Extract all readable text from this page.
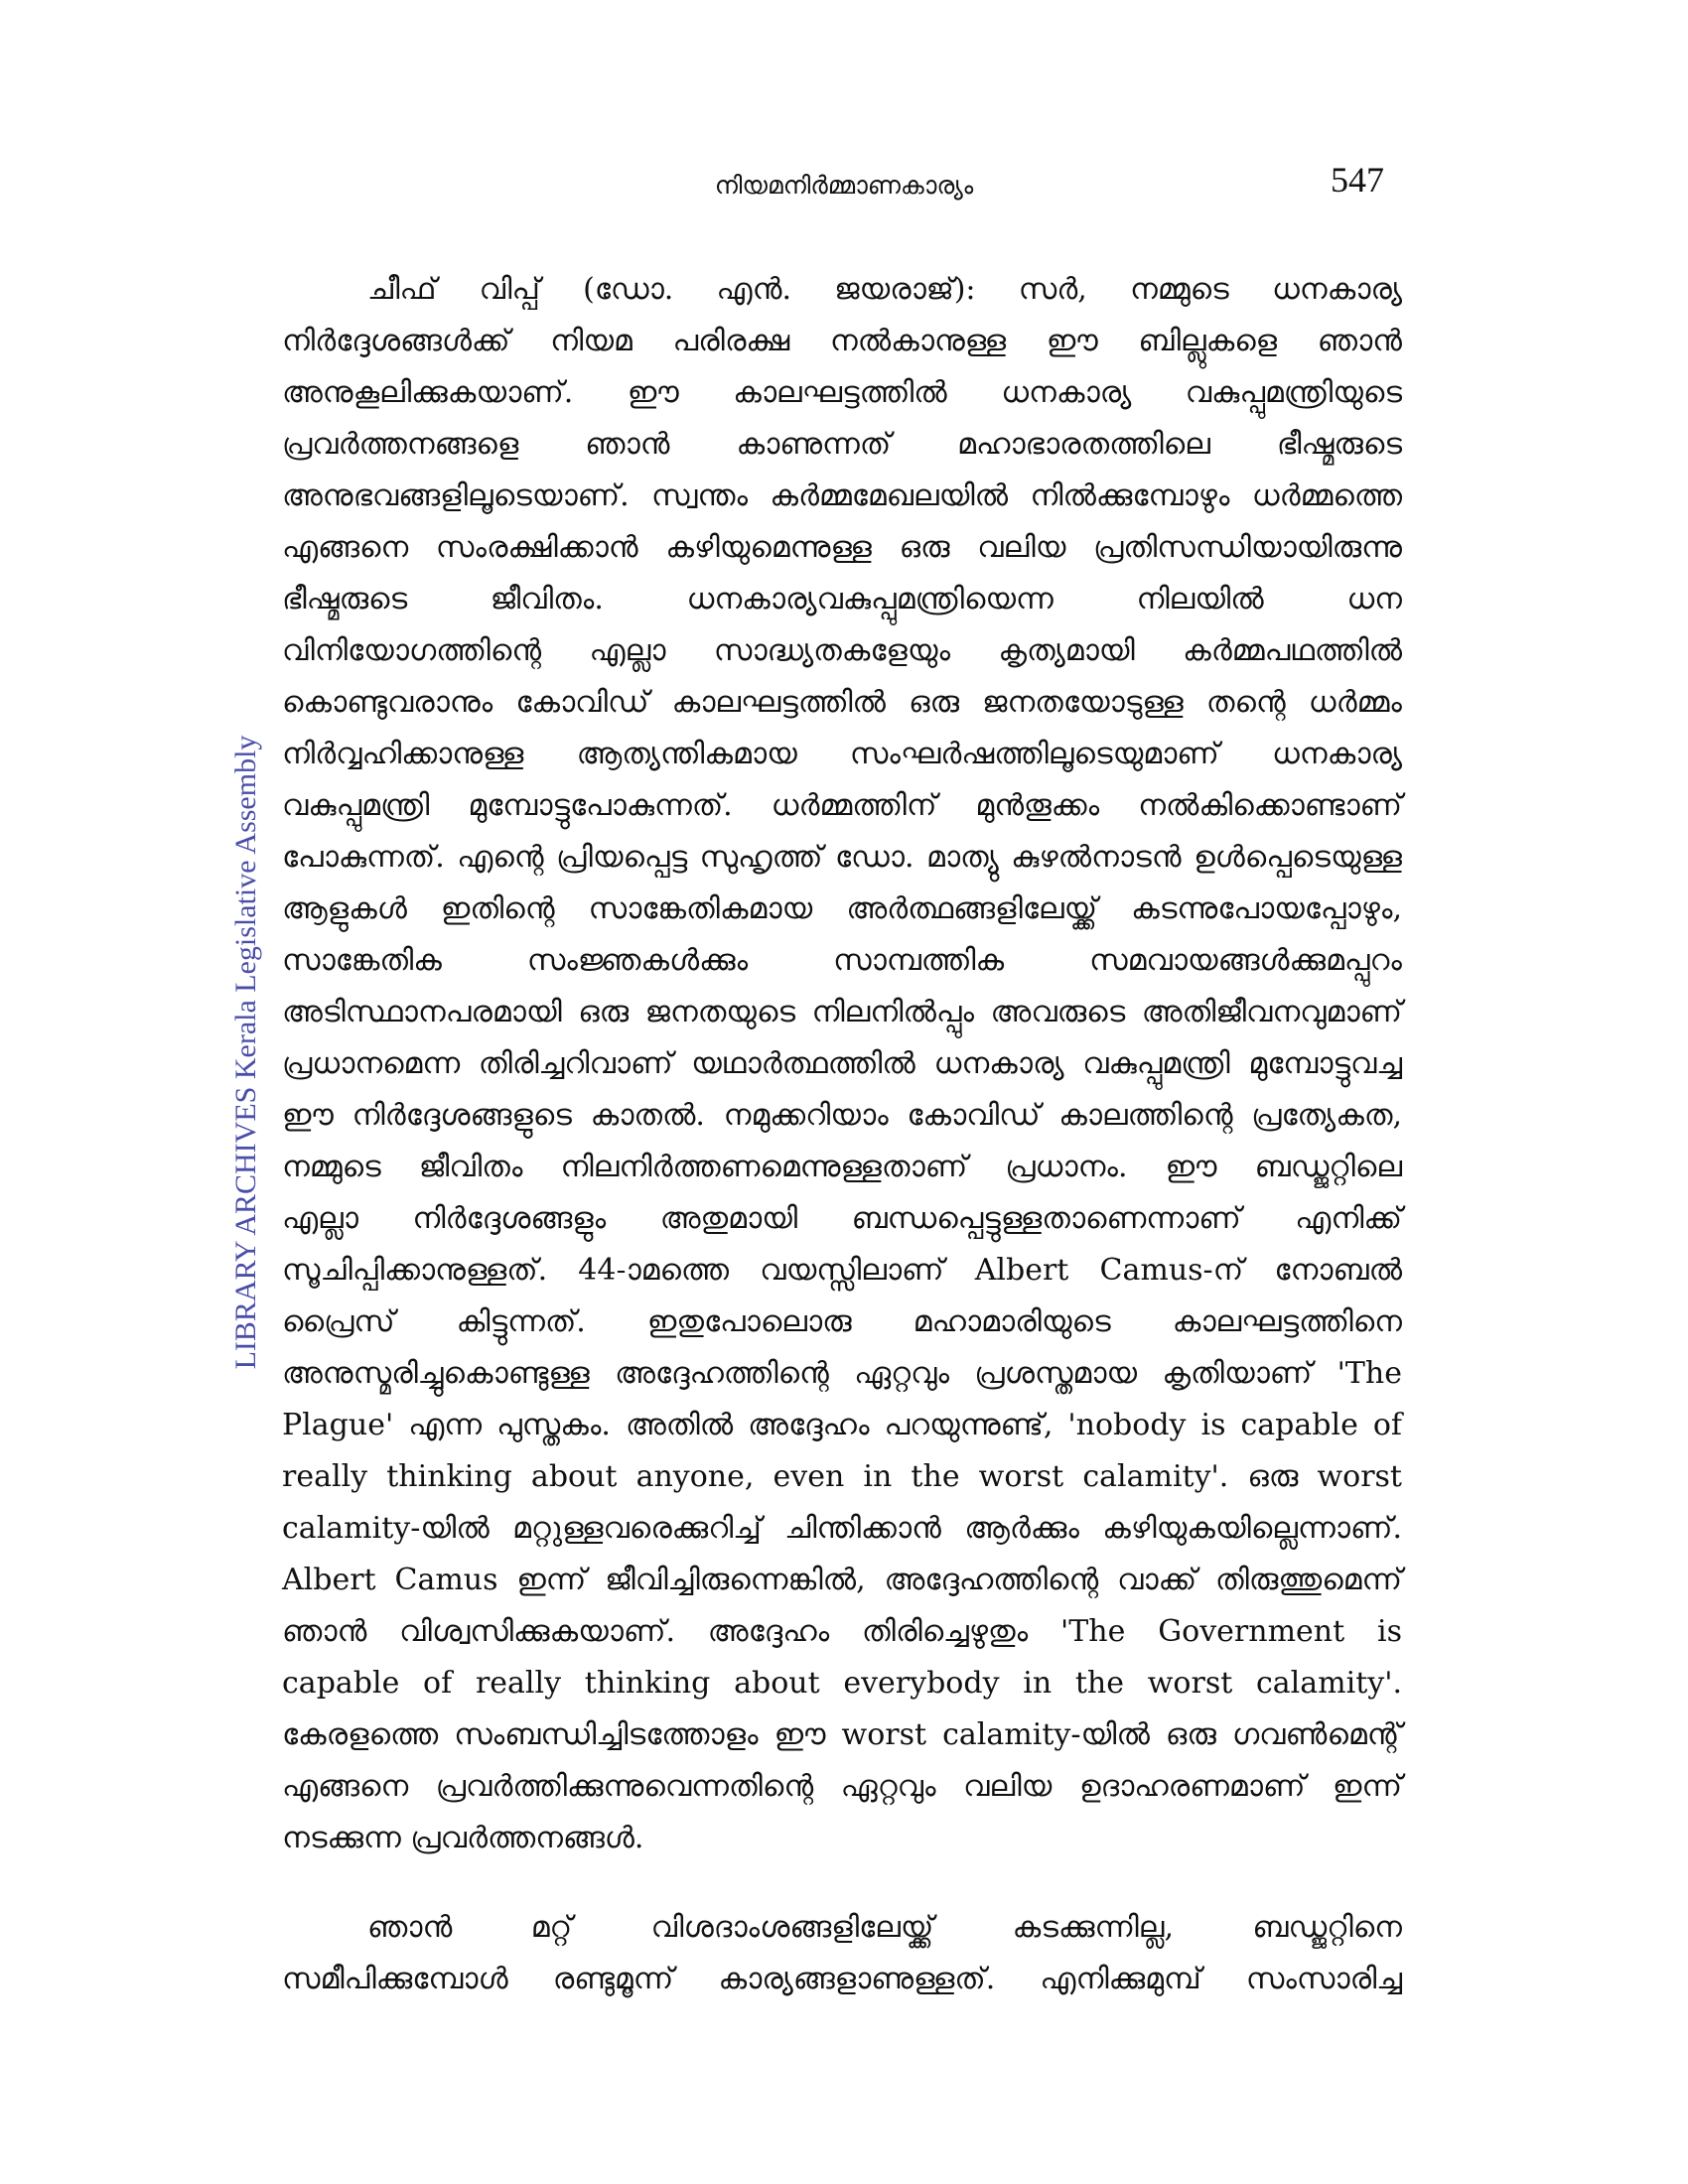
നിയമനിർമ്മാണകാര്യം	547
LIBRARY ARCHIVES Kerala Legislative Assembly
ചീഫ് വിപ്പ് (ഡോ. എൻ. ജയരാജ്): സർ, നമ്മുടെ ധനകാര്യ
നിർദ്ദേശങ്ങൾക്ക് നിയമ പരിരക്ഷ നൽകാനുള്ള ഈ ബില്ലുകളെ ഞാൻ
അനുകൂലിക്കുകയാണ്. ഈ കാലഘട്ടത്തിൽ ധനകാര്യ വകുപ്പുമന്ത്രിയുടെ
പ്രവർത്തനങ്ങളെ ഞാൻ കാണുന്നത് മഹാഭാരതത്തിലെ ഭീഷ്മരുടെ
അനുഭവങ്ങളിലൂടെയാണ്. സ്വന്തം കർമ്മമേഖലയിൽ നിൽക്കുമ്പോഴും ധർമ്മത്തെ
എങ്ങനെ സംരക്ഷിക്കാൻ കഴിയുമെന്നുള്ള ഒരു വലിയ പ്രതിസന്ധിയായിരുന്നു
ഭീഷ്മരുടെ ജീവിതം. ധനകാര്യവകുപ്പുമന്ത്രിയെന്ന നിലയിൽ ധന
വിനിയോഗത്തിന്റെ എല്ലാ സാദ്ധ്യതകളേയും കൃത്യമായി കർമ്മപഥത്തിൽ
കൊണ്ടുവരാനും കോവിഡ് കാലഘട്ടത്തിൽ ഒരു ജനതയോടുള്ള തന്റെ ധർമ്മം
നിർവ്വഹിക്കാനുള്ള ആത്യന്തികമായ സംഘർഷത്തിലൂടെയുമാണ് ധനകാര്യ
വകുപ്പുമന്ത്രി മുമ്പോട്ടുപോകുന്നത്. ധർമ്മത്തിന് മുൻതൂക്കം നൽകിക്കൊണ്ടാണ്
പോകുന്നത്. എന്റെ പ്രിയപ്പെട്ട സുഹൃത്ത് ഡോ. മാത്യു കുഴൽനാടൻ ഉൾപ്പെടെയുള്ള
ആളുകൾ ഇതിന്റെ സാങ്കേതികമായ അർത്ഥങ്ങളിലേയ്ക്ക് കടന്നുപോയപ്പോഴും,
സാങ്കേതിക സംജ്ഞകൾക്കും സാമ്പത്തിക സമവായങ്ങൾക്കുമപ്പുറം
അടിസ്ഥാനപരമായി ഒരു ജനതയുടെ നിലനിൽപ്പും അവരുടെ അതിജീവനവുമാണ്
പ്രധാനമെന്ന തിരിച്ചറിവാണ് യഥാർത്ഥത്തിൽ ധനകാര്യ വകുപ്പുമന്ത്രി മുമ്പോട്ടുവച്ച
ഈ നിർദ്ദേശങ്ങളുടെ കാതൽ. നമുക്കറിയാം കോവിഡ് കാലത്തിന്റെ പ്രത്യേകത,
നമ്മുടെ ജീവിതം നിലനിർത്തണമെന്നുള്ളതാണ് പ്രധാനം. ഈ ബഡ്ജറ്റിലെ
എല്ലാ നിർദ്ദേശങ്ങളും അതുമായി ബന്ധപ്പെട്ടുള്ളതാണെന്നാണ് എനിക്ക്
സൂചിപ്പിക്കാനുള്ളത്. 44-ാമത്തെ വയസ്സിലാണ് Albert Camus-ന് നോബൽ
പ്രൈസ് കിട്ടുന്നത്. ഇതുപോലൊരു മഹാമാരിയുടെ കാലഘട്ടത്തിനെ
അനുസ്മരിച്ചുകൊണ്ടുള്ള അദ്ദേഹത്തിന്റെ ഏറ്റവും പ്രശസ്തമായ കൃതിയാണ് 'The
Plague' എന്ന പുസ്തകം. അതിൽ അദ്ദേഹം പറയുന്നുണ്ട്, 'nobody is capable of
really thinking about anyone, even in the worst calamity'. ഒരു worst
calamity-യിൽ മറ്റുള്ളവരെക്കുറിച്ച് ചിന്തിക്കാൻ ആർക്കും കഴിയുകയില്ലെന്നാണ്.
Albert Camus ഇന്ന് ജീവിച്ചിരുന്നെങ്കിൽ, അദ്ദേഹത്തിന്റെ വാക്ക് തിരുത്തുമെന്ന്
ഞാൻ വിശ്വസിക്കുകയാണ്. അദ്ദേഹം തിരിച്ചെഴുതും 'The Government is
capable of really thinking about everybody in the worst calamity'.
കേരളത്തെ സംബന്ധിച്ചിടത്തോളം ഈ worst calamity-യിൽ ഒരു ഗവൺമെന്റ്
എങ്ങനെ പ്രവർത്തിക്കുന്നുവെന്നതിന്റെ ഏറ്റവും വലിയ ഉദാഹരണമാണ് ഇന്ന്
നടക്കുന്ന പ്രവർത്തനങ്ങൾ.
ഞാൻ മറ്റ് വിശദാംശങ്ങളിലേയ്ക്ക് കടക്കുന്നില്ല, ബഡ്ജറ്റിനെ
സമീപിക്കുമ്പോൾ രണ്ടുമൂന്ന് കാര്യങ്ങളാണുള്ളത്. എനിക്കുമുമ്പ് സംസാരിച്ച
